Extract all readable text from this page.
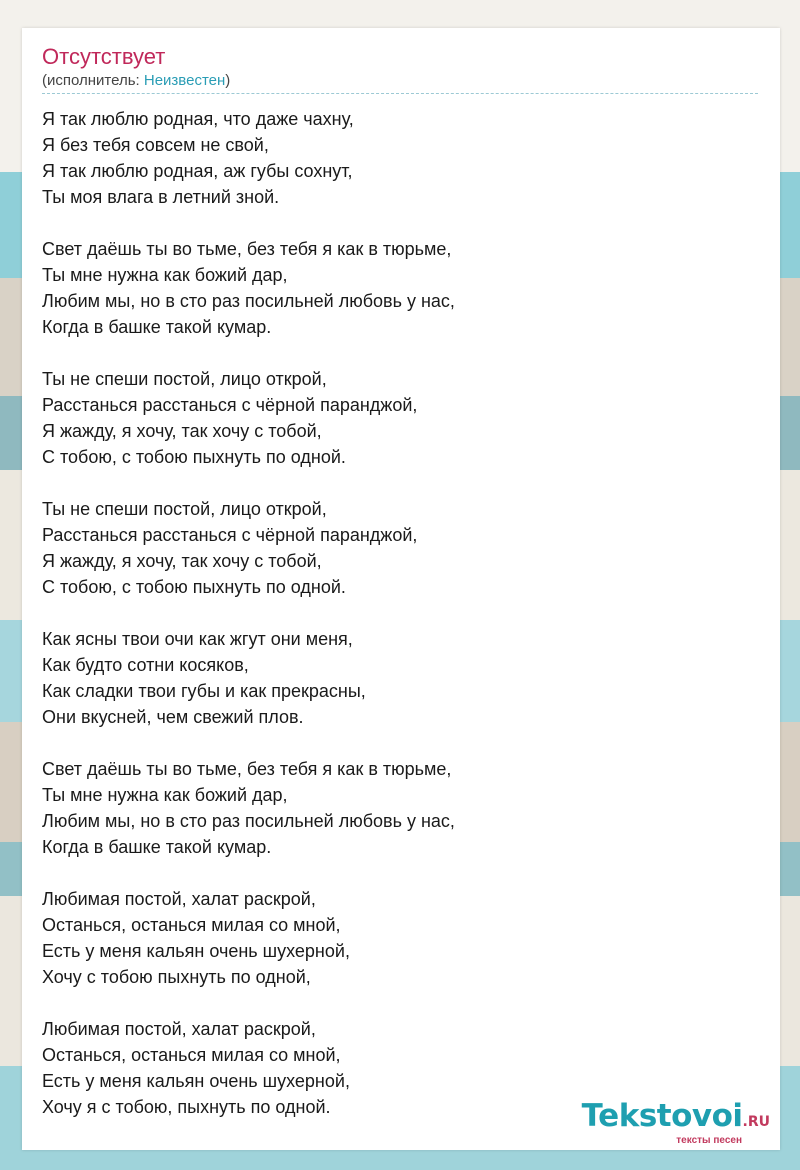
Отсутствует
(исполнитель: Неизвестен)
Я так люблю родная, что даже чахну,
Я без тебя совсем не свой,
Я так люблю родная, аж губы сохнут,
Ты моя влага в летний зной.
Свет даёшь ты во тьме, без тебя я как в тюрьме,
Ты мне нужна как божий дар,
Любим мы, но в сто раз посильней любовь у нас,
Когда в башке такой кумар.
Ты не спеши постой, лицо открой,
Расстанься расстанься с чёрной паранджой,
Я жажду, я хочу, так хочу с тобой,
С тобою, с тобою пыхнуть по одной.
Ты не спеши постой, лицо открой,
Расстанься расстанься с чёрной паранджой,
Я жажду, я хочу, так хочу с тобой,
С тобою, с тобою пыхнуть по одной.
Как ясны твои очи как жгут они меня,
Как будто сотни косяков,
Как сладки твои губы и как прекрасны,
Они вкусней, чем свежий плов.
Свет даёшь ты во тьме, без тебя я как в тюрьме,
Ты мне нужна как божий дар,
Любим мы, но в сто раз посильней любовь у нас,
Когда в башке такой кумар.
Любимая постой, халат раскрой,
Останься, останься милая со мной,
Есть у меня кальян очень шухерной,
Хочу с тобою пыхнуть по одной,
Любимая постой, халат раскрой,
Останься, останься милая со мной,
Есть у меня кальян очень шухерной,
Хочу я с тобою, пыхнуть по одной.	Tekstovoi.RU
тексты песен
